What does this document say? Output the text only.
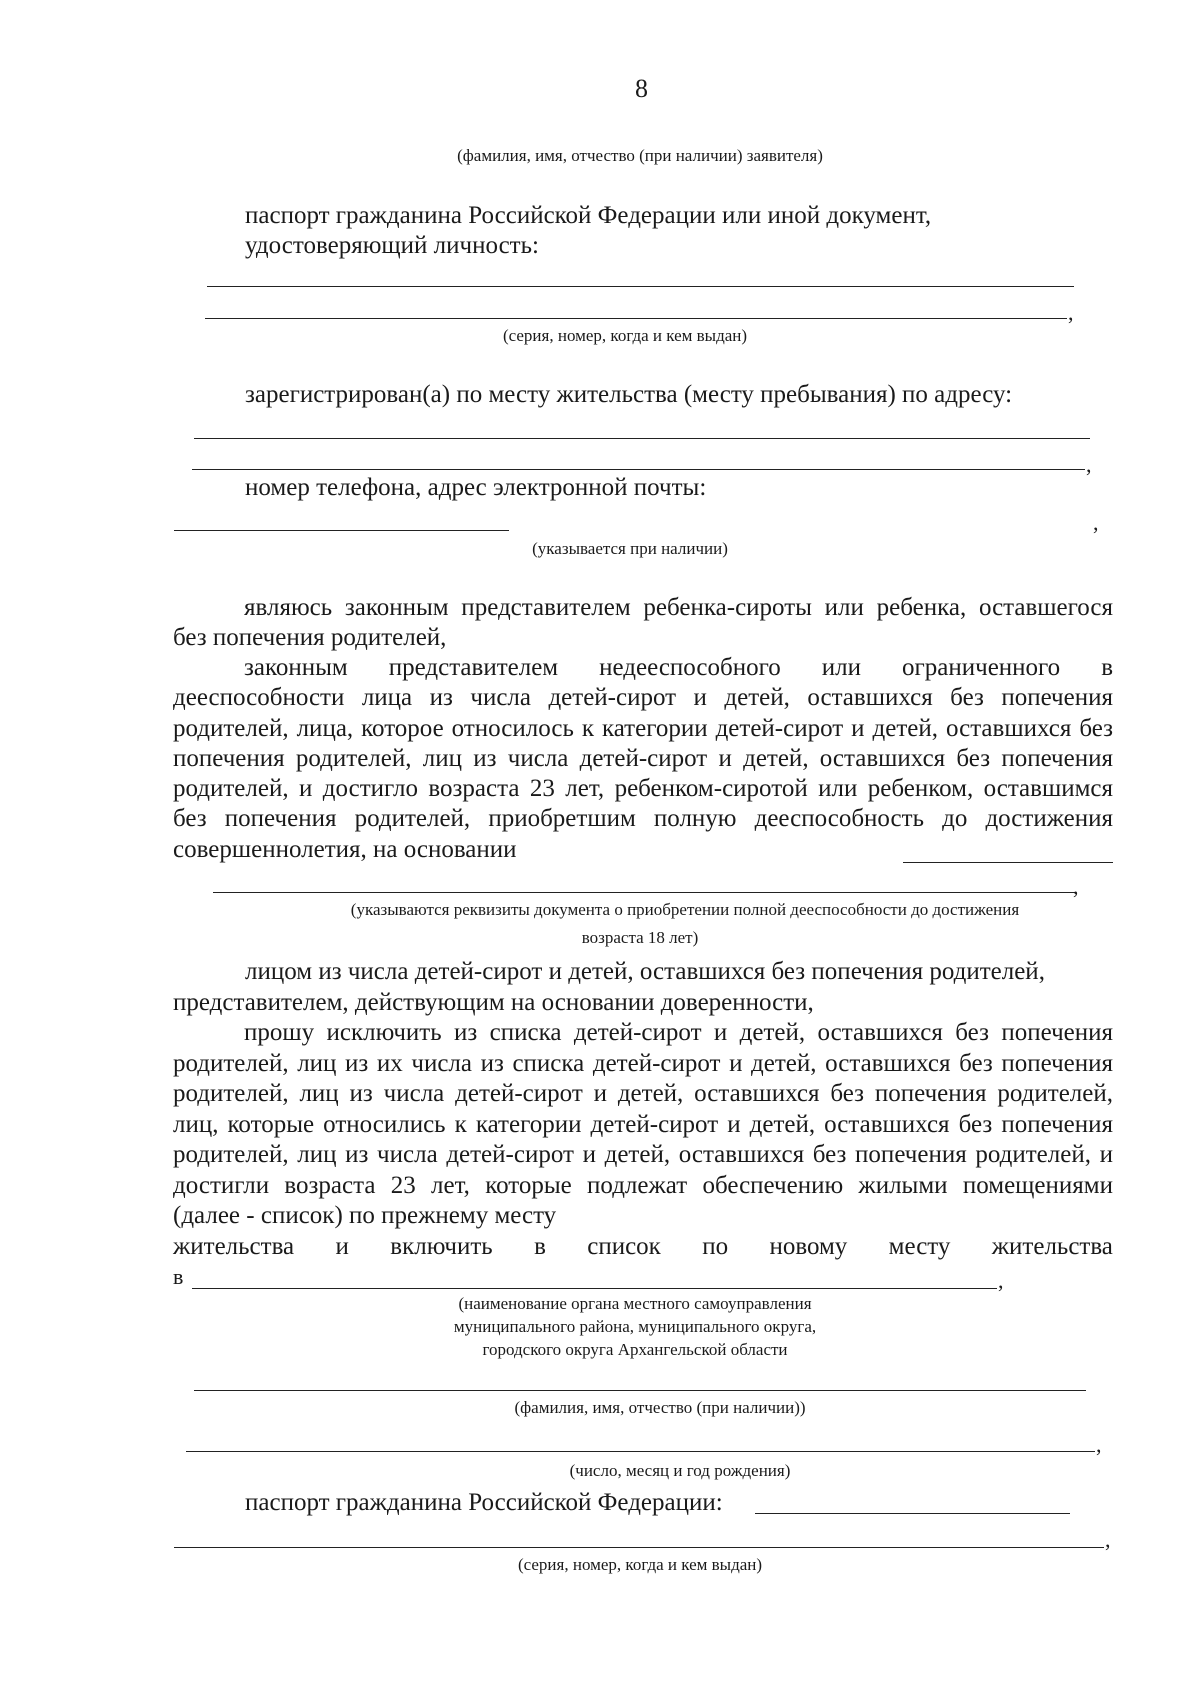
8
(фамилия, имя, отчество (при наличии) заявителя)
паспорт гражданина Российской Федерации или иной документ,
удостоверяющий личность:
,
(серия, номер, когда и кем выдан)
зарегистрирован(а) по месту жительства (месту пребывания) по адресу:
,
номер телефона, адрес электронной почты:
,
(указывается при наличии)

являюсь законным представителем ребенка-сироты или ребенка, оставшегося без попечения родителей,

законным представителем недееспособного или ограниченного в дееспособности лица из числа детей-сирот и детей, оставшихся без попечения родителей, лица, которое относилось к категории детей-сирот и детей, оставшихся без попечения родителей, лиц из числа детей-сирот и детей, оставшихся без попечения родителей, и достигло возраста 23 лет, ребенком-сиротой или ребенком, оставшимся без попечения родителей, приобретшим полную дееспособность до достижения совершеннолетия, на основании

,
(указываются реквизиты документа о приобретении полной дееспособности до достижения
возраста 18 лет)
лицом из числа детей-сирот и детей, оставшихся без попечения родителей,
представителем, действующим на основании доверенности,

прошу исключить из списка детей-сирот и детей, оставшихся без попечения родителей, лиц из их числа из списка детей-сирот и детей, оставшихся без попечения родителей, лиц из числа детей-сирот и детей, оставшихся без попечения родителей, лиц, которые относились к категории детей-сирот и детей, оставшихся без попечения родителей, лиц из числа детей-сирот и детей, оставшихся без попечения родителей, и достигли возраста 23 лет, которые подлежат обеспечению жилыми помещениями (далее - список) по прежнему месту

жительства и включить в список по новому месту жительства
в	,
(наименование органа местного самоуправления
муниципального района, муниципального округа,
городского округа Архангельской области
(фамилия, имя, отчество (при наличии))
,
(число, месяц и год рождения)
паспорт гражданина Российской Федерации:
,
(серия, номер, когда и кем выдан)
